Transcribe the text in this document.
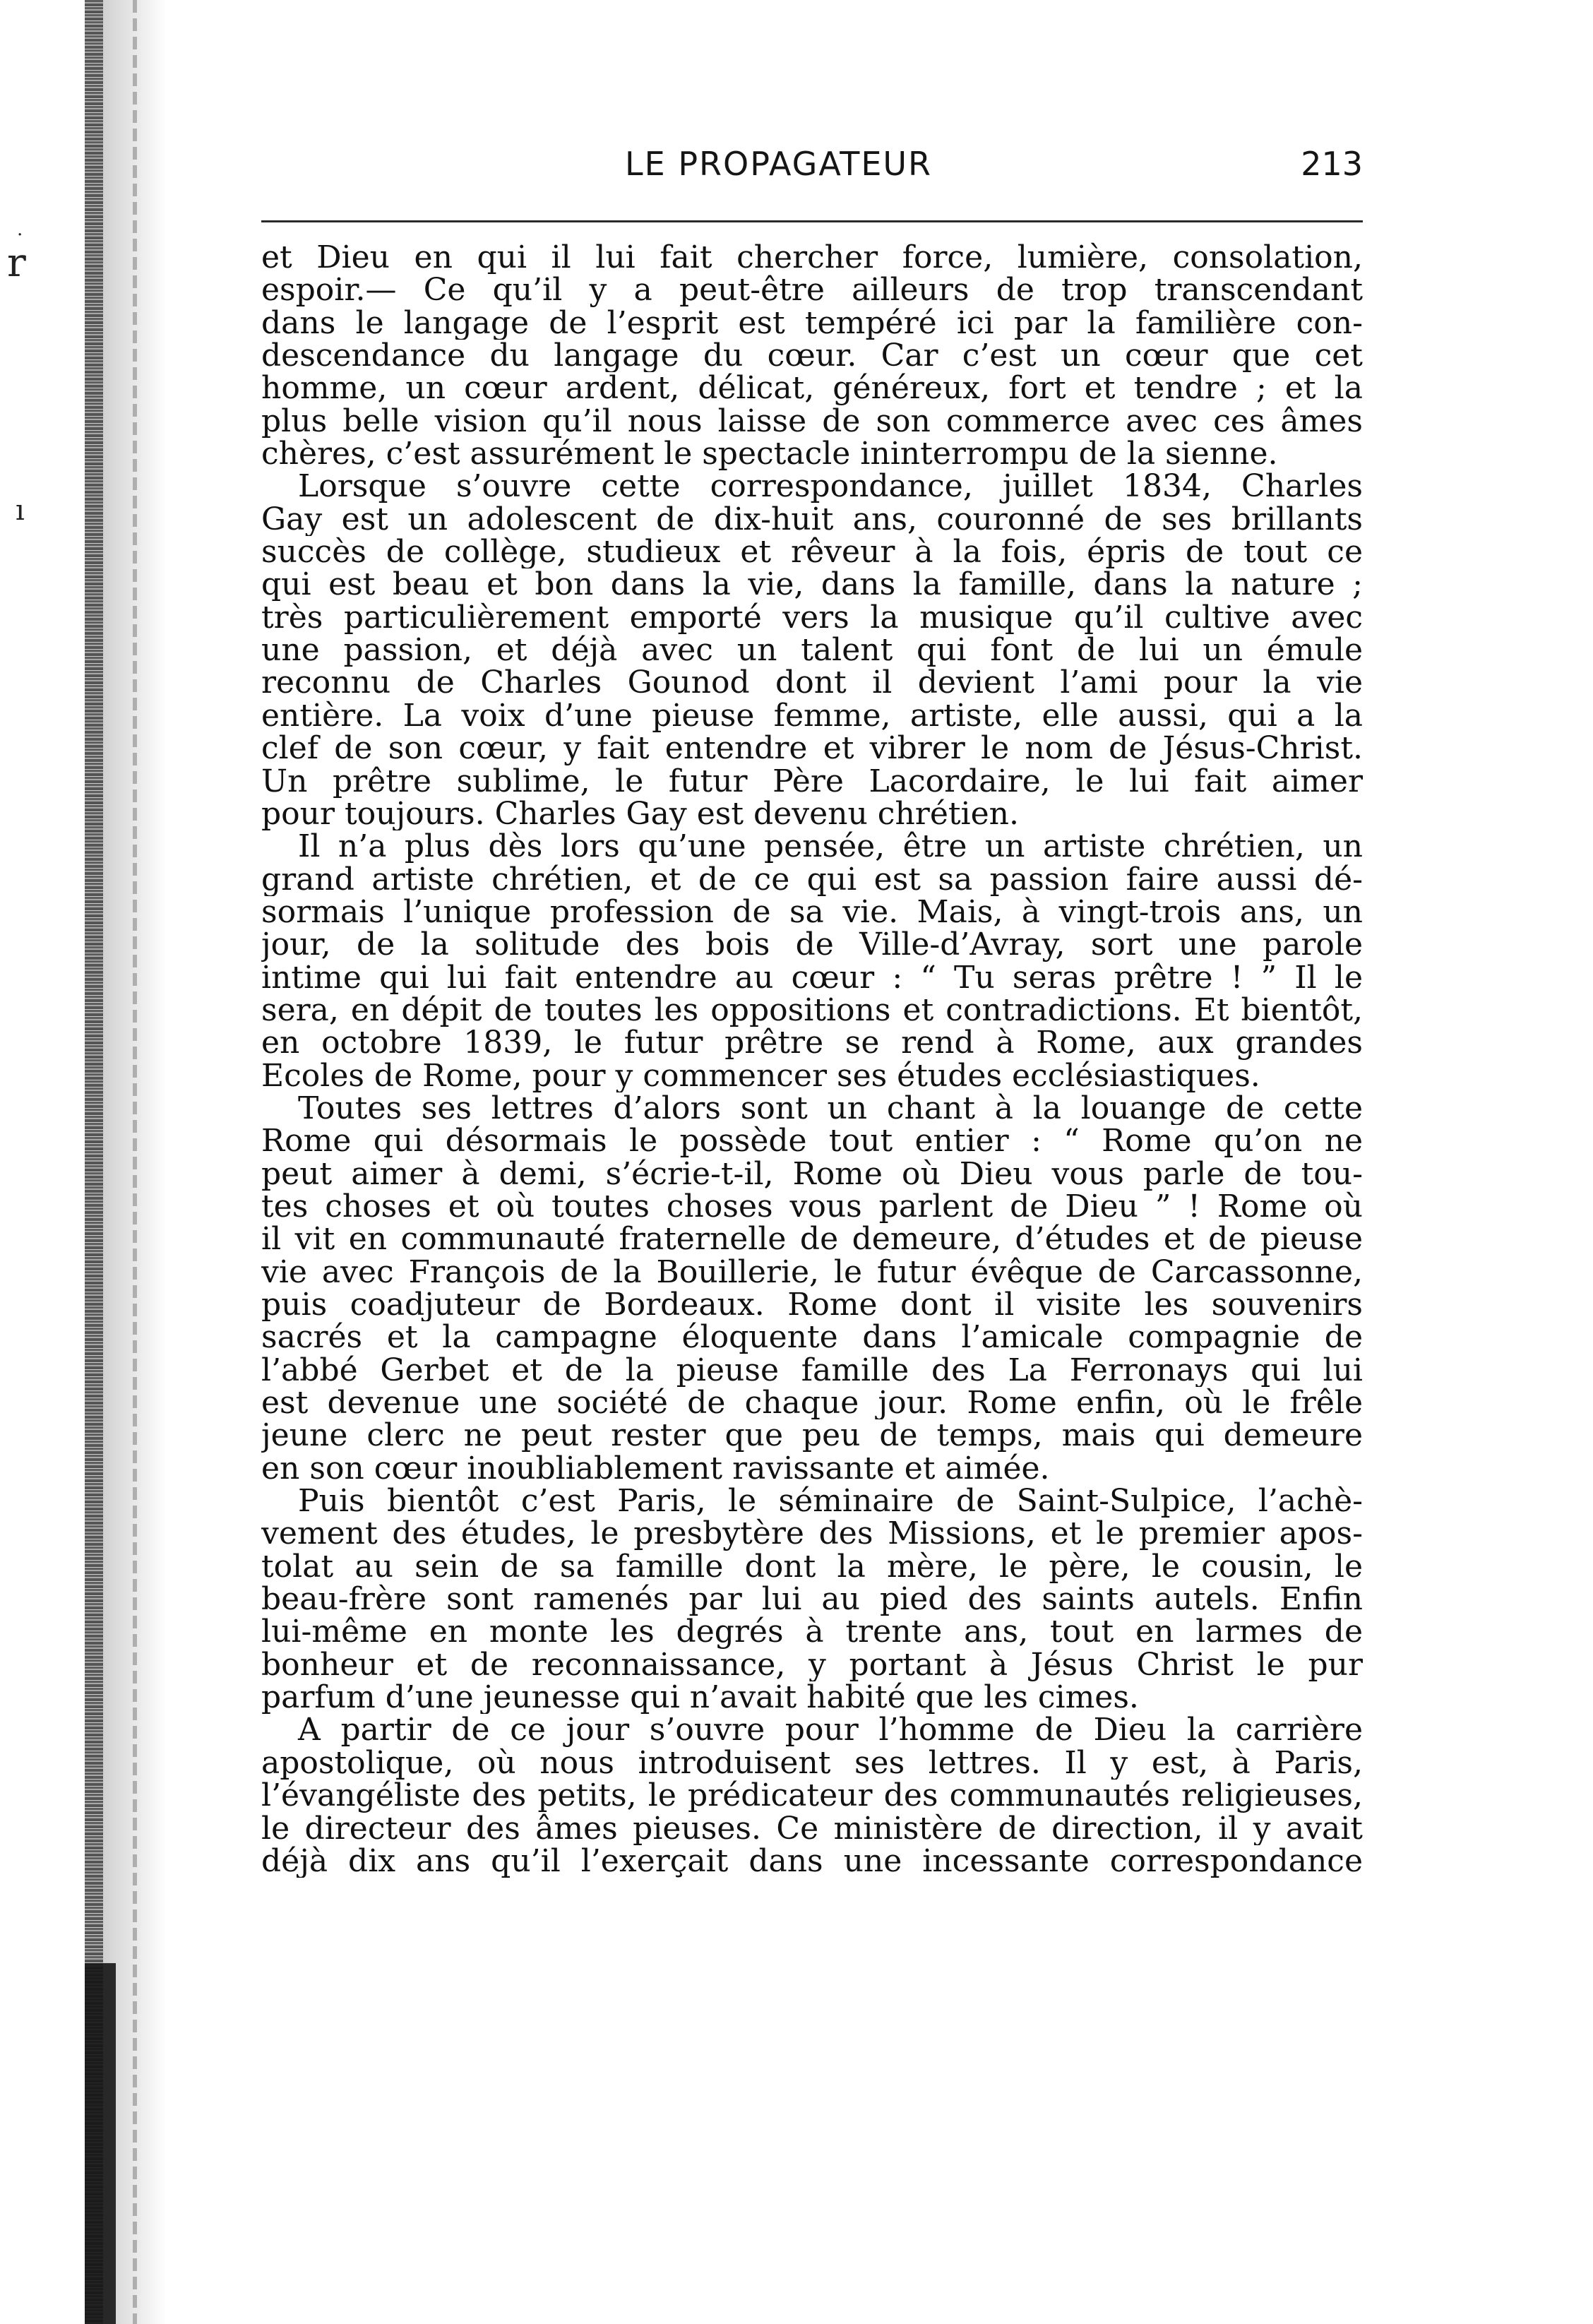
.
r
ı
LE PROPAGATEUR	213
et Dieu en qui il lui fait chercher force, lumière, consolation,
espoir.— Ce qu’il y a peut-être ailleurs de trop transcendant
dans le langage de l’esprit est tempéré ici par la familière con-
descendance du langage du cœur. Car c’est un cœur que cet
homme, un cœur ardent, délicat, généreux, fort et tendre ; et la
plus belle vision qu’il nous laisse de son commerce avec ces âmes
chères, c’est assurément le spectacle ininterrompu de la sienne.
Lorsque s’ouvre cette correspondance, juillet 1834, Charles
Gay est un adolescent de dix-huit ans, couronné de ses brillants
succès de collège, studieux et rêveur à la fois, épris de tout ce
qui est beau et bon dans la vie, dans la famille, dans la nature ;
très particulièrement emporté vers la musique qu’il cultive avec
une passion, et déjà avec un talent qui font de lui un émule
reconnu de Charles Gounod dont il devient l’ami pour la vie
entière. La voix d’une pieuse femme, artiste, elle aussi, qui a la
clef de son cœur, y fait entendre et vibrer le nom de Jésus-Christ.
Un prêtre sublime, le futur Père Lacordaire, le lui fait aimer
pour toujours. Charles Gay est devenu chrétien.
Il n’a plus dès lors qu’une pensée, être un artiste chrétien, un
grand artiste chrétien, et de ce qui est sa passion faire aussi dé-
sormais l’unique profession de sa vie. Mais, à vingt-trois ans, un
jour, de la solitude des bois de Ville-d’Avray, sort une parole
intime qui lui fait entendre au cœur : “ Tu seras prêtre ! ” Il le
sera, en dépit de toutes les oppositions et contradictions. Et bientôt,
en octobre 1839, le futur prêtre se rend à Rome, aux grandes
Ecoles de Rome, pour y commencer ses études ecclésiastiques.
Toutes ses lettres d’alors sont un chant à la louange de cette
Rome qui désormais le possède tout entier : “ Rome qu’on ne
peut aimer à demi, s’écrie-t-il, Rome où Dieu vous parle de tou-
tes choses et où toutes choses vous parlent de Dieu ” ! Rome où
il vit en communauté fraternelle de demeure, d’études et de pieuse
vie avec François de la Bouillerie, le futur évêque de Carcassonne,
puis coadjuteur de Bordeaux. Rome dont il visite les souvenirs
sacrés et la campagne éloquente dans l’amicale compagnie de
l’abbé Gerbet et de la pieuse famille des La Ferronays qui lui
est devenue une société de chaque jour. Rome enfin, où le frêle
jeune clerc ne peut rester que peu de temps, mais qui demeure
en son cœur inoubliablement ravissante et aimée.
Puis bientôt c’est Paris, le séminaire de Saint-Sulpice, l’achè-
vement des études, le presbytère des Missions, et le premier apos-
tolat au sein de sa famille dont la mère, le père, le cousin, le
beau-frère sont ramenés par lui au pied des saints autels. Enfin
lui-même en monte les degrés à trente ans, tout en larmes de
bonheur et de reconnaissance, y portant à Jésus Christ le pur
parfum d’une jeunesse qui n’avait habité que les cimes.
A partir de ce jour s’ouvre pour l’homme de Dieu la carrière
apostolique, où nous introduisent ses lettres. Il y est, à Paris,
l’évangéliste des petits, le prédicateur des communautés religieuses,
le directeur des âmes pieuses. Ce ministère de direction, il y avait
déjà dix ans qu’il l’exerçait dans une incessante correspondance
